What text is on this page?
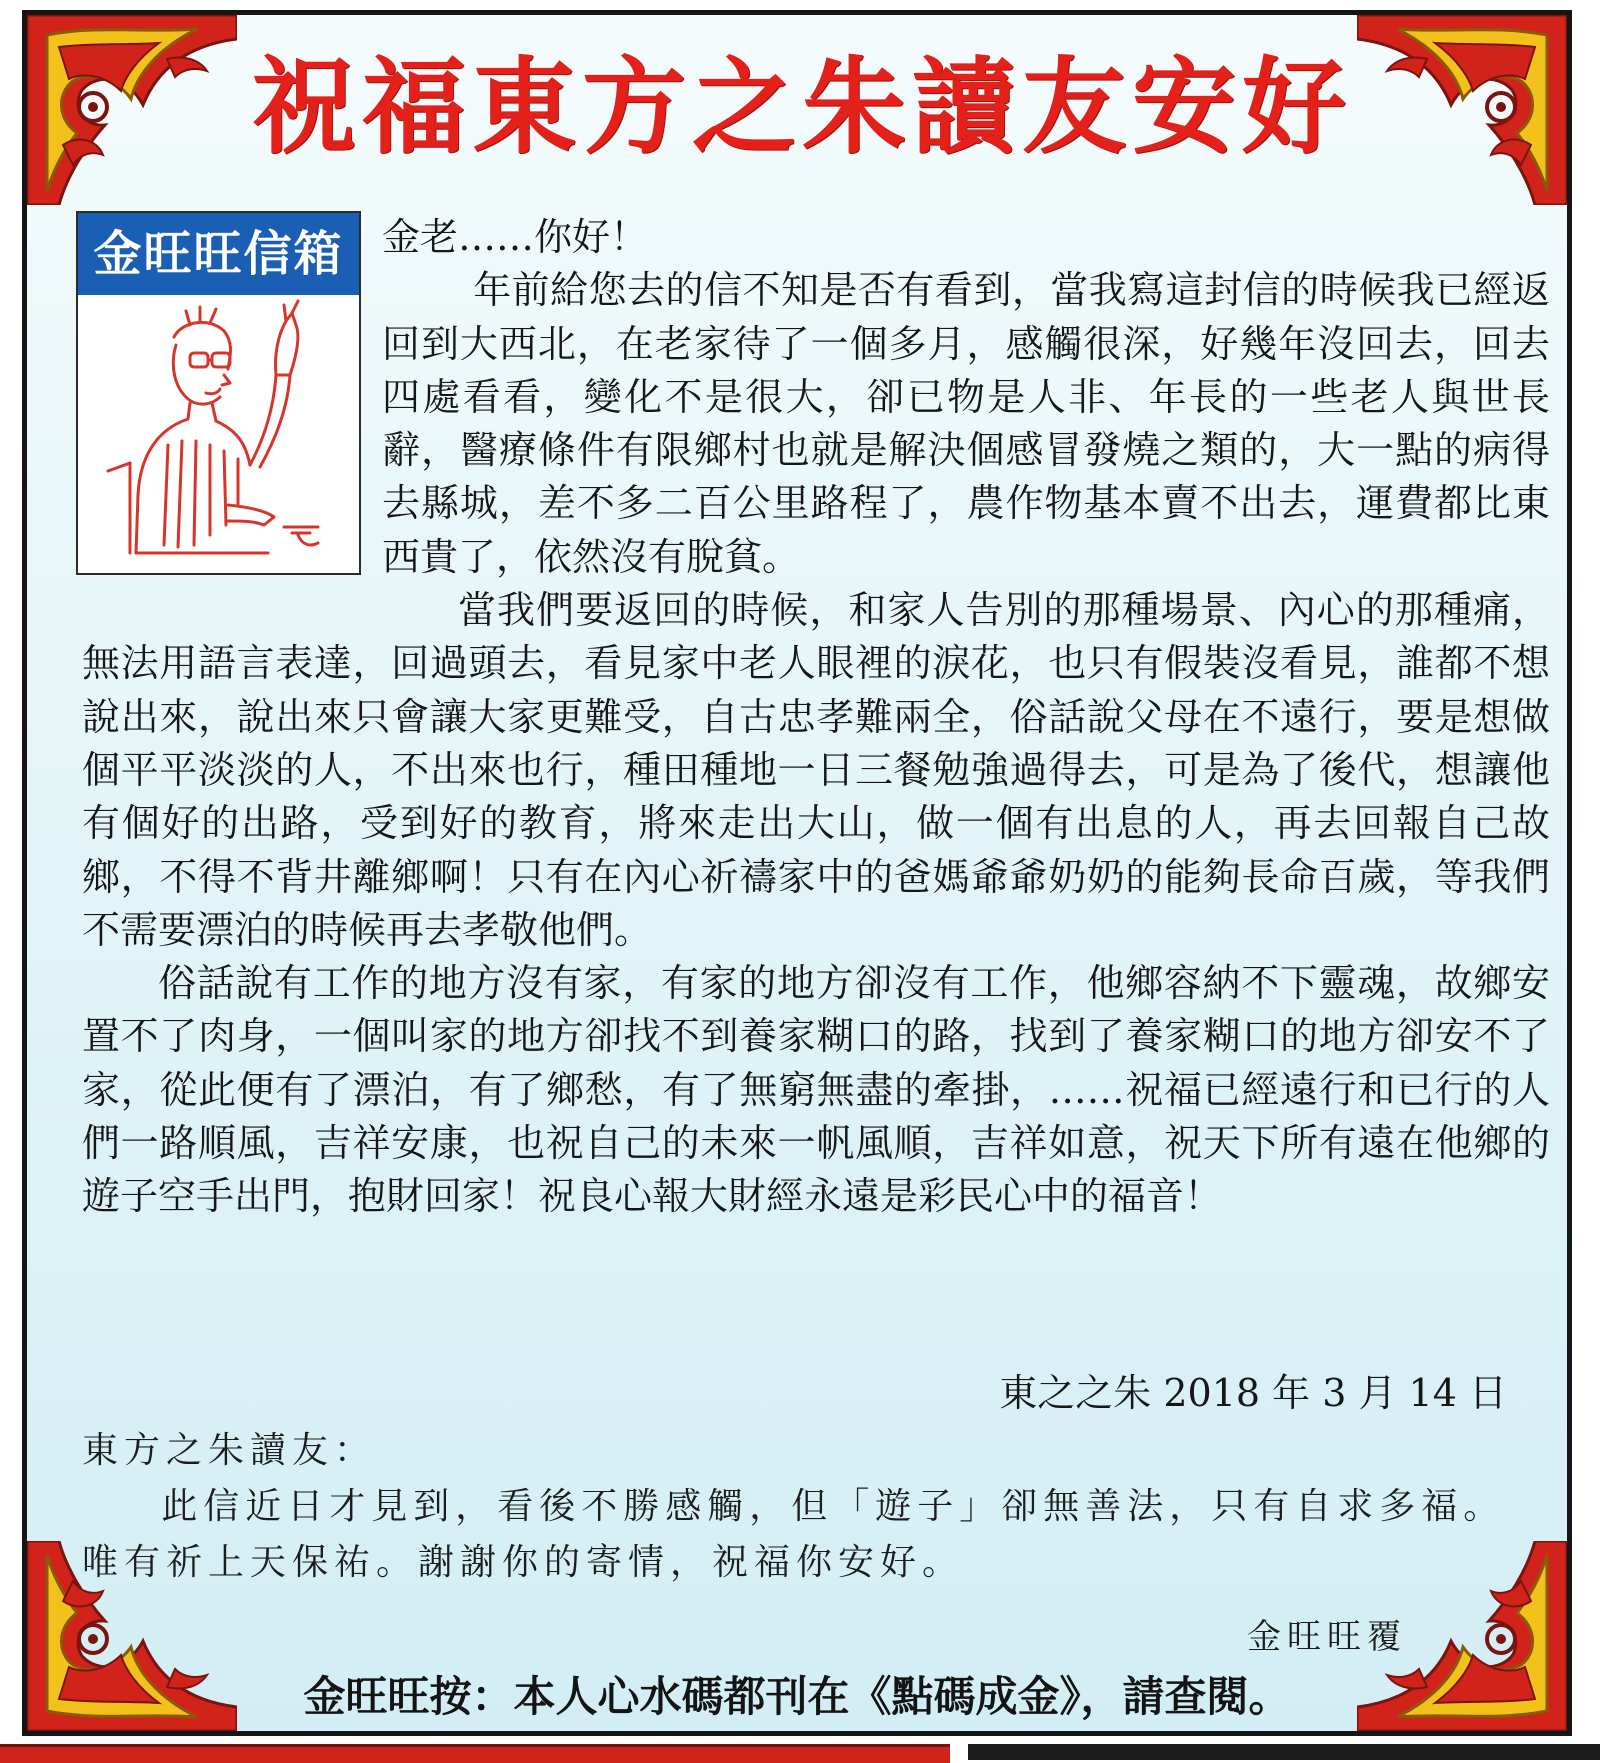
祝福東方之朱讀友安好
金旺旺信箱	金老……你好！

年前給您去的信不知是否有看到，當我寫這封信的時候我已經返回到大西北，在老家待了一個多月，感觸很深，好幾年沒回去，回去四處看看，變化不是很大，卻已物是人非、年長的一些老人與世長辭，醫療條件有限鄉村也就是解決個感冒發燒之類的，大一點的病得去縣城，差不多二百公里路程了，農作物基本賣不出去，運費都比東西貴了，依然沒有脫貧。

當我們要返回的時候，和家人告別的那種場景、內心的那種痛，無法用語言表達，回過頭去，看見家中老人眼裡的淚花，也只有假裝沒看見，誰都不想說出來，說出來只會讓大家更難受，自古忠孝難兩全，俗話說父母在不遠行，要是想做個平平淡淡的人，不出來也行，種田種地一日三餐勉強過得去，可是為了後代，想讓他有個好的出路，受到好的教育，將來走出大山，做一個有出息的人，再去回報自己故鄉，不得不背井離鄉啊！只有在內心祈禱家中的爸媽爺爺奶奶的能夠長命百歲，等我們不需要漂泊的時候再去孝敬他們。

俗話說有工作的地方沒有家，有家的地方卻沒有工作，他鄉容納不下靈魂，故鄉安置不了肉身，一個叫家的地方卻找不到養家糊口的路，找到了養家糊口的地方卻安不了家，從此便有了漂泊，有了鄉愁，有了無窮無盡的牽掛，……祝福已經遠行和已行的人們一路順風，吉祥安康，也祝自己的未來一帆風順，吉祥如意，祝天下所有遠在他鄉的遊子空手出門，抱財回家！祝良心報大財經永遠是彩民心中的福音！

東之之朱 2018 年 3 月 14 日

東方之朱讀友：

此信近日才見到，看後不勝感觸，但「遊子」卻無善法，只有自求多福。唯有祈上天保祐。謝謝你的寄情，祝福你安好。

金旺旺覆
金旺旺按：本人心水碼都刊在《點碼成金》，請查閱。
